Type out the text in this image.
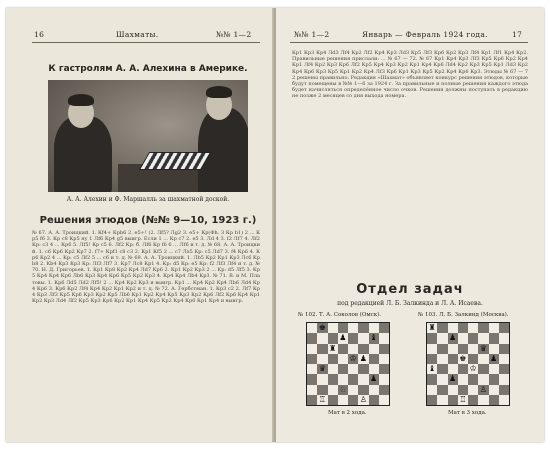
16	Шахматы.	№№ 1—2
К гастролям А. А. Алехина в Америке.
А. А. Алехин и Ф. Маршалль за шахматной доской.
Решения этюдов (№№ 9—10, 1923 г.)

№ 67. А. А. Троицкий. 1. Кf4+ Крb6 2. e5+! (2. Лf5? Лg2 3. e5+ Кр(Фh. 3 Кр h1) 2 ... Кр5 f6 3. Кр с8 Кр5 ну 1 Лf6 Кp4 g5 выигр. Если 1 ... Кр c7 2. е5 3. Лd 4 3. f2 Лf7 4. Лf2 Кр: c3 4 ... Кр6 5. Лf5! Кp с5 6. Лf2 Кр: б. Лf6 Кр f6 6 ... Лf6 и т. д. № 68. А. А. Троицкий. 1. с6 Кр6 Кр2 Кр7 2. f7+ Крf1 с8 с3 2. Кр1 Кf5 2 ... с7 Лх5 Kр: c5 Лd7 3. f4 Кр6 4. Кр6 Кр2 4 ... Kр: с5 Лf2 5 ... c6 и т. д. № 69. А. А. Троицкий. 1. Лb5 Кр2 Кр1 Кр3 Лс6 Kpb8 2. Kb4 Кр3 Кр3 Кр: Лf3 Лf7 3. Кр7 Лс8 Кр1 4. Кр: d5 Кр: е5 Кр: f2 Лf3 Лf4 и т. д. № 70. Н. Д. Григорьев. 1. Кр1 Кр8 Кр2 Кр4 Лd7 Кр6 2. Кр1 Кр2 Кр3 2 ... Kр: d5 Лf5 3. Кр5 Кр4 Кр4 Кр6 Лb6 Кр3 Кр4 Кр6 Кр5 Кр2 Кр3 4. Кр4 Кр4 Лb4 Кр3. № 71. В. и М. Платовы. 1. Кр6 Лd5 Лd2 Лf5! 2 ... Кр4 Кр2 Кр3 и выигр. Кр1 ... Кр4 Кр2 Кр4 Лb6 Лd4 Кр4 Кр6 3. Кр6 Кр2 Лf4 Кр4 Кр2 Кр1 Кр2 и т. д. № 72. А. Гербстман. 1. Кр3 с2 2. Лf7 Кр4 Кр3 Лf3 Кр5 Кр6 Кр3 Кр2 Кр5 Лb6 Кр1 Кр2 Кр4 Кр5 Кр3 Кр2 Кр6 Лf2 Кр6 Кр4 Кр1 Кр2 Кр3 Лd4 Лf2 Кр5 Кр3 Кр6 Кр2 Кр1 Кр4 Кр5 Кр2 Кр4 Кр6 Кр1 Кр4 и выигр.

№№ 1—2	Январь — Февраль 1924 года.	17

Кр1 Кр3 Кр4 Лd3 Лf4 Кр2 Лf2 Кр4 Кр3 Лd3 Кр5 Лf3 Кр6 Кр2 Кр3 Лf4 Кр1 Лf1 Кр4 Кр2. Правильные решения прислали: ... № 67 — 72. № 67 Кр1 Кр4 Кр3 Лf3 Кр5 Кр6 Кр2 Кр4 Кр1 Лf4 Кр2 Кр3 Кр6 Лf2 Кр5 Кр4 Кр3 Кр2 Кр1 Кр4 Кр6 Лd4 Кр2 Кр3 Кр5 Кр1 Лd3 Кр2 Кр4 Кр6 Кр3 Кр5 Кр1 Кр2 Кр4 Лf3 Кр6 Кр1 Кр3 Кр5 Кр2 Кр4 Кр6 Кр3. Этюды № 67 — 72 решены правильно. Редакция «Шахмат» объявляет конкурс решения этюдов, которые будут помещены в №№ 1—6 за 1924 г. За правильные и полные решения каждого этюда будет начисляться определённое число очков. Решения должны поступать в редакцию не позже 2 месяцев со дня выхода номера.

Отдел задач
под редакцией Л. Б. Залкинда и Л. А. Исаева.
№ 102. Т. А. Соколов (Омск).	№ 103. Л. Б. Залкинд (Москва).
♚
♟	♝
♜
♔ ♟
♛
♟
♘
♖	♙
♜
♟
♛
♚	♟
♝	♔
♟
♙
♖
Мат в 2 хода.	Мат в 3 хода.
